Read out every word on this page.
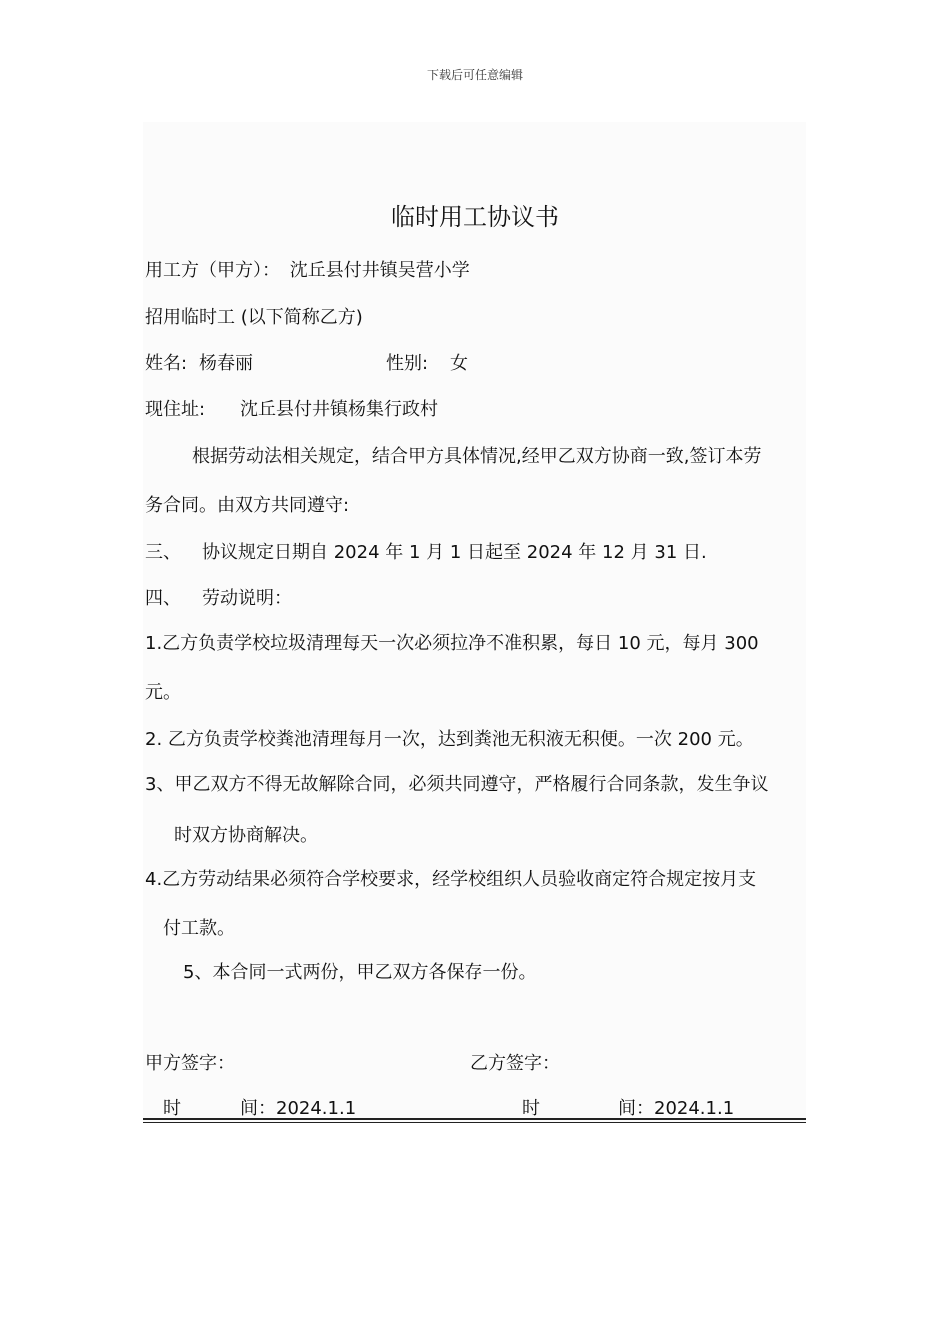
下载后可任意编辑
临时用工协议书
用工方（甲方）： 沈丘县付井镇吴营小学
招用临时工 (以下简称乙方)
姓名: 杨春丽	性别: 女
现住址: 沈丘县付井镇杨集行政村
根据劳动法相关规定，结合甲方具体情况,经甲乙双方协商一致,签订本劳
务合同。由双方共同遵守:
三、 协议规定日期自 2024 年 1 月 1 日起至 2024 年 12 月 31 日.
四、 劳动说明：
1.乙方负责学校垃圾清理每天一次必须拉净不准积累，每日 10 元，每月 300
元。
2. 乙方负责学校粪池清理每月一次，达到粪池无积液无积便。一次 200 元。
3、甲乙双方不得无故解除合同，必须共同遵守，严格履行合同条款，发生争议
时双方协商解决。
4.乙方劳动结果必须符合学校要求，经学校组织人员验收商定符合规定按月支
付工款。
5、本合同一式两份，甲乙双方各保存一份。
甲方签字：	乙方签字：
时	间：2024.1.1	时	间：2024.1.1
